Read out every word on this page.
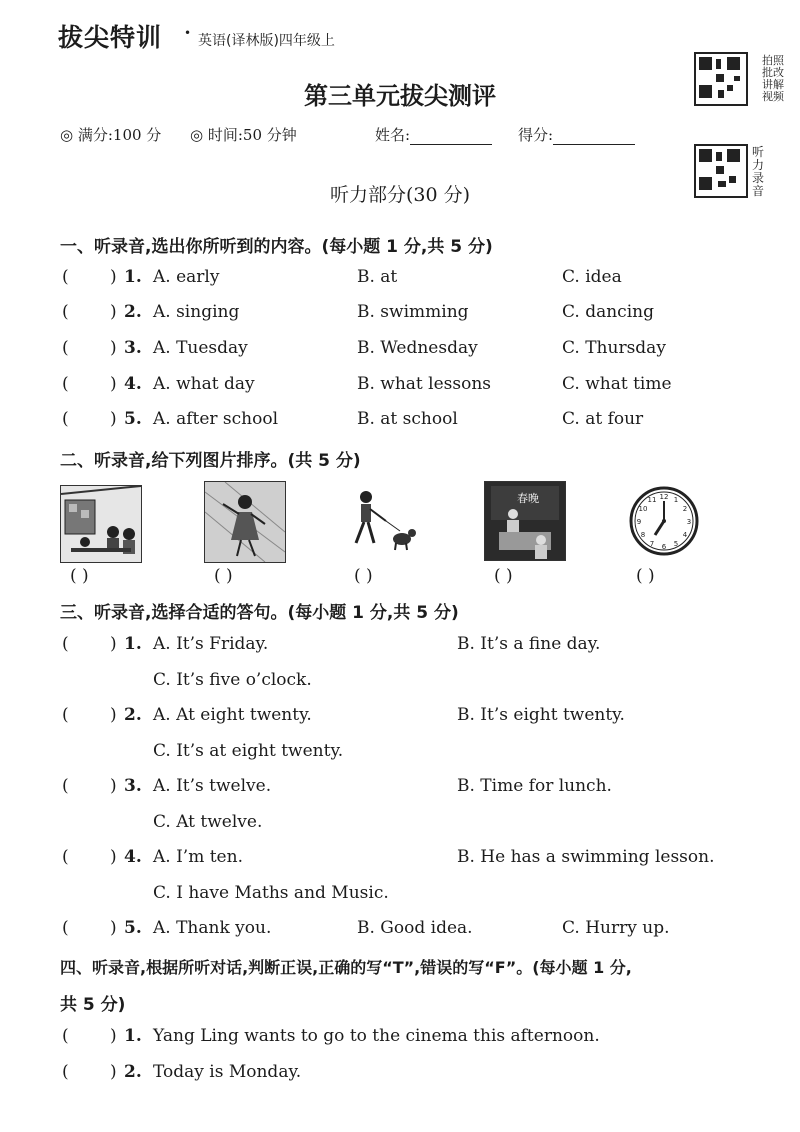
拔尖特训 • 英语(译林版)四年级上
拍照批改讲解视频
听力录音
第三单元拔尖测评
◎ 满分:100 分 ◎ 时间:50 分钟	姓名:	得分:
听力部分(30 分)
一、听录音,选出你所听到的内容。(每小题 1 分,共 5 分)
( ) 1. A. early	B. at	C. idea
( ) 2. A. singing	B. swimming	C. dancing
( ) 3. A. Tuesday	B. Wednesday	C. Thursday
( ) 4. A. what day	B. what lessons	C. what time
( ) 5. A. after school	B. at school	C. at four
二、听录音,给下列图片排序。(共 5 分)
春晚	12 1
2
3
4
5
6
7
8
9
10
11
( )	( )	( )	( )	( )
三、听录音,选择合适的答句。(每小题 1 分,共 5 分)
( ) 1. A. It’s Friday.	B. It’s a fine day.
C. It’s five o’clock.
( ) 2. A. At eight twenty.	B. It’s eight twenty.
C. It’s at eight twenty.
( ) 3. A. It’s twelve.	B. Time for lunch.
C. At twelve.
( ) 4. A. I’m ten.	B. He has a swimming lesson.
C. I have Maths and Music.
( ) 5. A. Thank you.	B. Good idea.	C. Hurry up.
四、听录音,根据所听对话,判断正误,正确的写“T”,错误的写“F”。(每小题 1 分,
共 5 分)
( ) 1. Yang Ling wants to go to the cinema this afternoon.
( ) 2. Today is Monday.
